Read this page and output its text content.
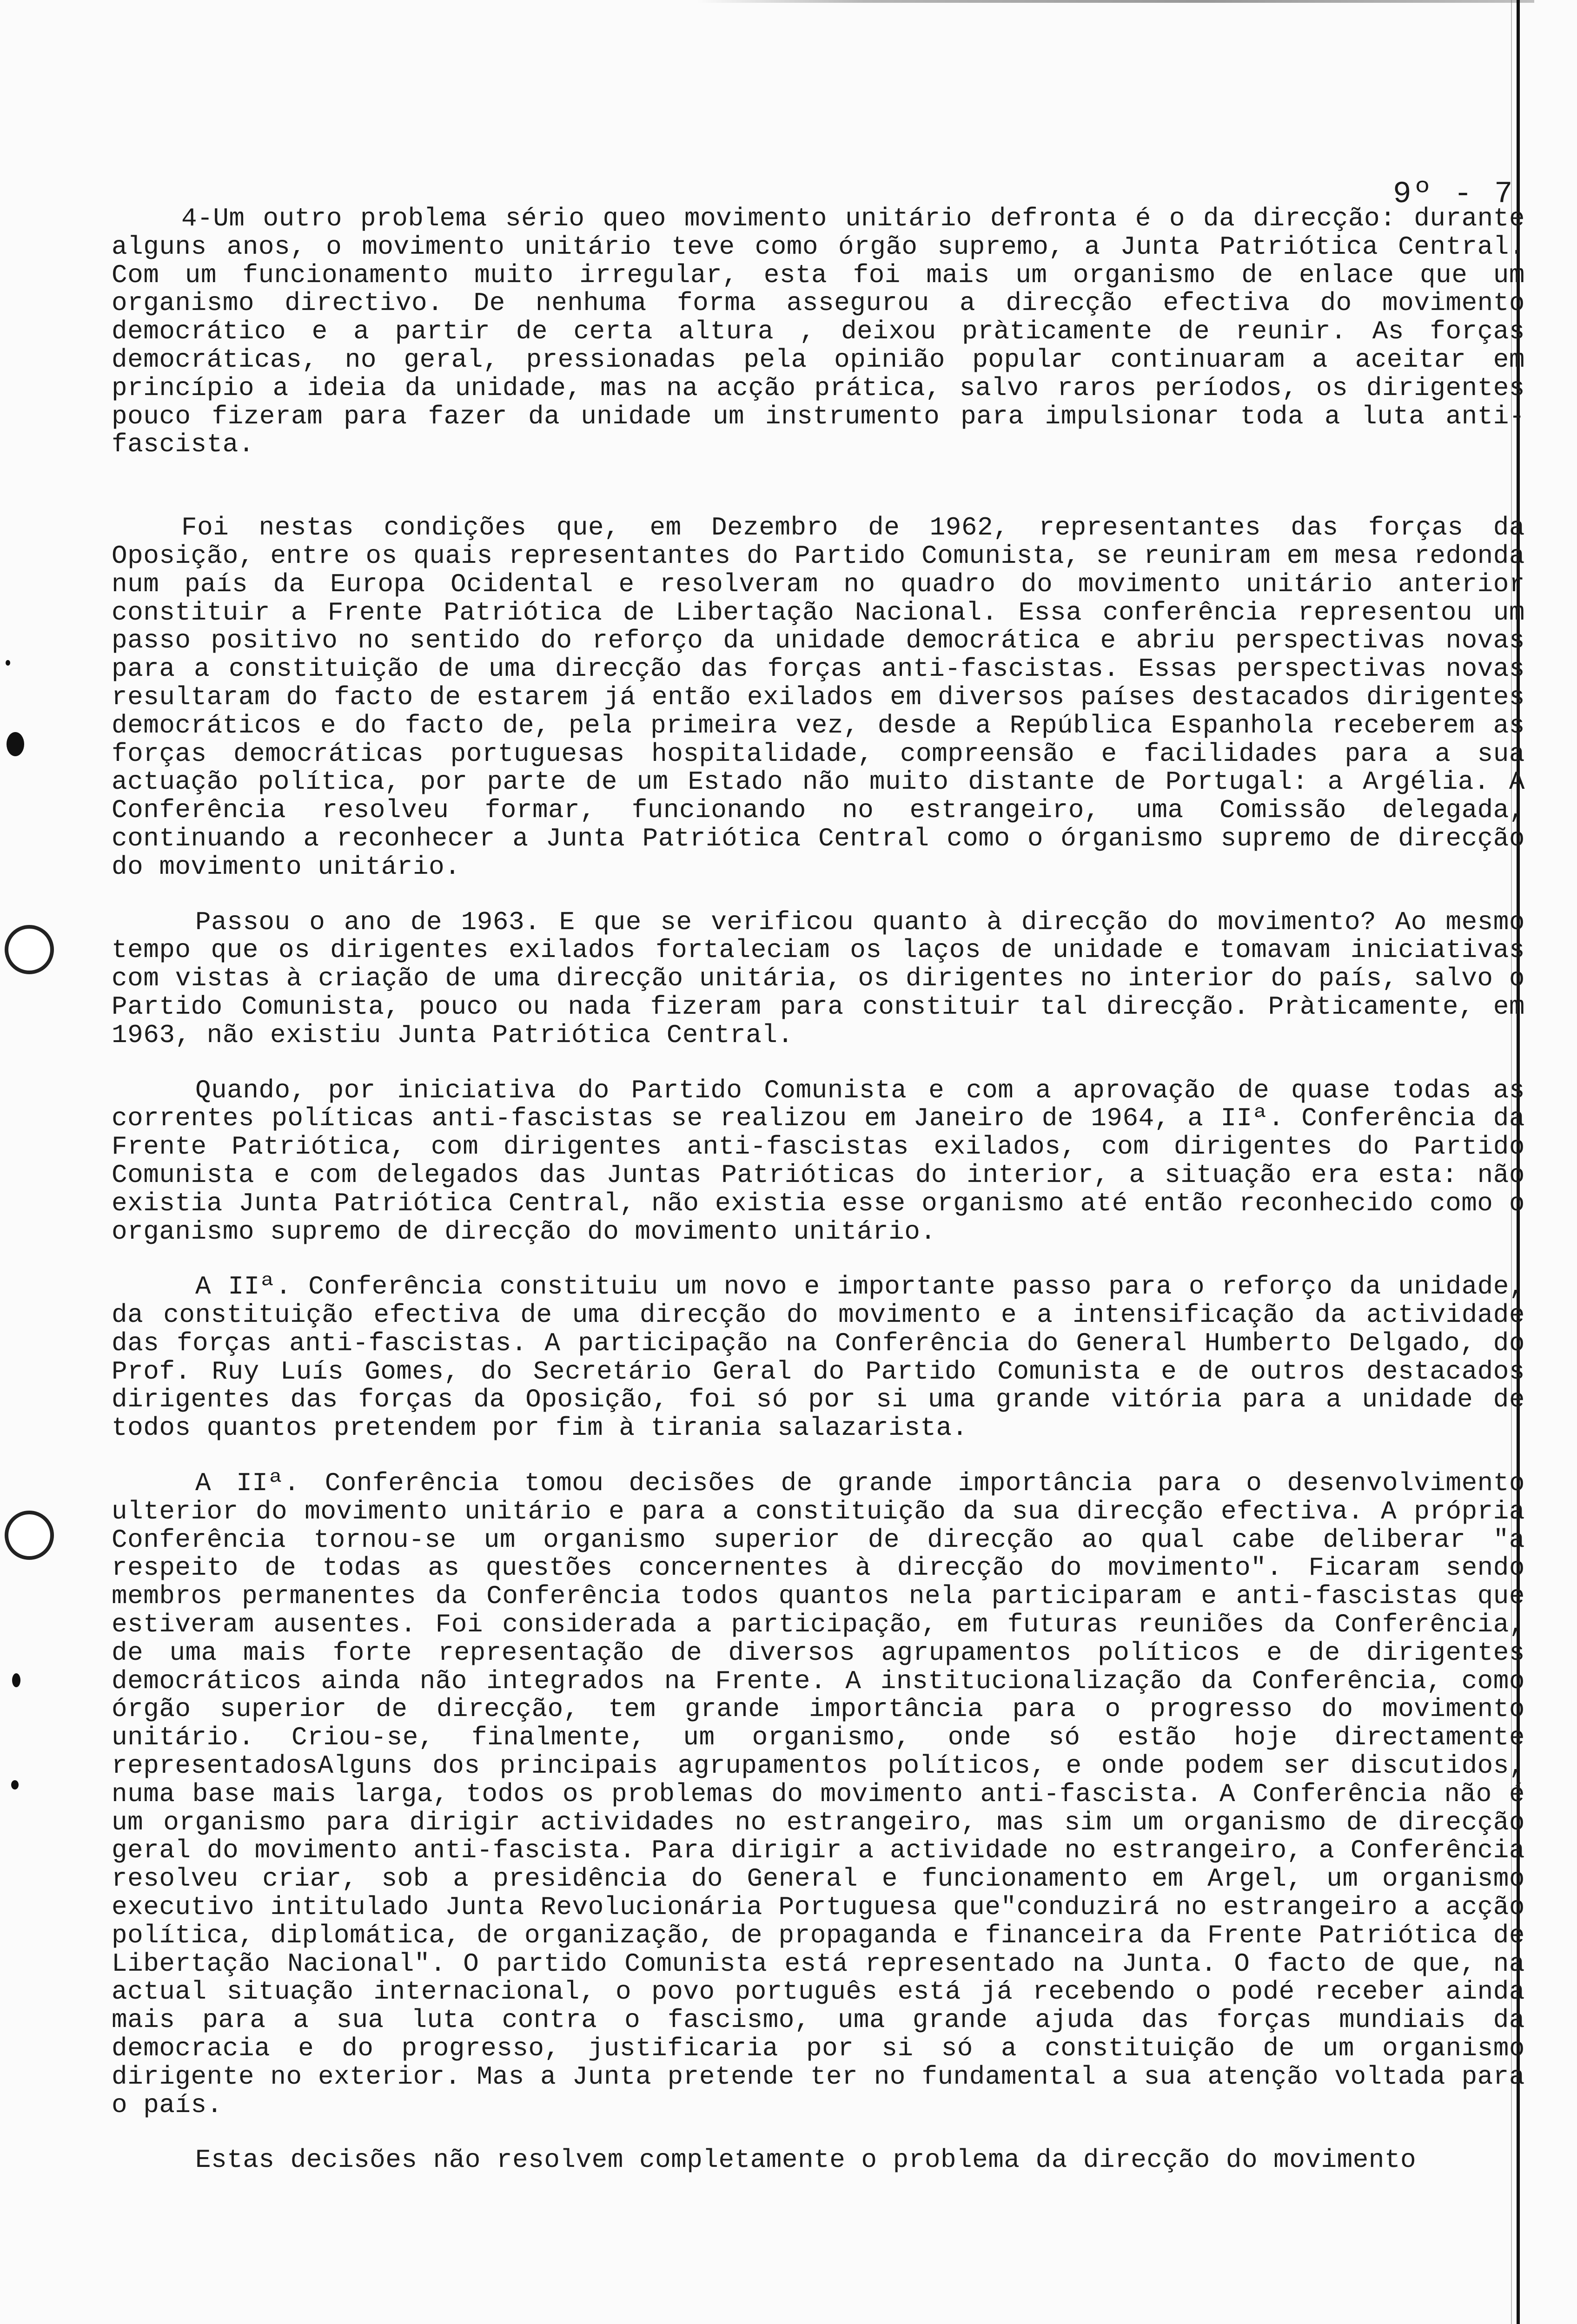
9º - 7

4-Um outro problema sério queo movimento unitário defronta é o da direcção: durante alguns anos, o movimento unitário teve como órgão supremo, a Junta Patriótica Central. Com um funcionamento muito irregular, esta foi mais um organismo de enlace que um organismo directivo. De nenhuma forma assegurou a direcção efectiva do movimento democrático e a partir de certa altura , deixou pràticamente de reunir. As forças democráticas, no geral, pressionadas pela opinião popular continuaram a aceitar em princípio a ideia da unidade, mas na acção prática, salvo raros períodos, os dirigentes pouco fizeram para fazer da unidade um instrumento para impulsionar toda a luta anti-fascista.

Foi nestas condições que, em Dezembro de 1962, representantes das forças da Oposição, entre os quais representantes do Partido Comunista, se reuniram em mesa redonda num país da Europa Ocidental e resolveram no quadro do movimento unitário anterior constituir a Frente Patriótica de Libertação Nacional. Essa conferência representou um passo positivo no sentido do reforço da unidade democrática e abriu perspectivas novas para a constituição de uma direcção das forças anti-fascistas. Essas perspectivas novas resultaram do facto de estarem já então exilados em diversos países destacados dirigentes democráticos e do facto de, pela primeira vez, desde a República Espanhola receberem as forças democráticas portuguesas hospitalidade, compreensão e facilidades para a sua actuação política, por parte de um Estado não muito distante de Portugal: a Argélia. A Conferência resolveu formar, funcionando no estrangeiro, uma Comissão delegada, continuando a reconhecer a Junta Patriótica Central como o órganismo supremo de direcção do movimento unitário.

Passou o ano de 1963. E que se verificou quanto à direcção do movimento? Ao mesmo tempo que os dirigentes exilados fortaleciam os laços de unidade e tomavam iniciativas com vistas à criação de uma direcção unitária, os dirigentes no interior do país, salvo o Partido Comunista, pouco ou nada fizeram para constituir tal direcção. Pràticamente, em 1963, não existiu Junta Patriótica Central.

Quando, por iniciativa do Partido Comunista e com a aprovação de quase todas as correntes políticas anti-fascistas se realizou em Janeiro de 1964, a IIª. Conferência da Frente Patriótica, com dirigentes anti-fascistas exilados, com dirigentes do Partido Comunista e com delegados das Juntas Patrióticas do interior, a situação era esta: não existia Junta Patriótica Central, não existia esse organismo até então reconhecido como o organismo supremo de direcção do movimento unitário.

A IIª. Conferência constituiu um novo e importante passo para o reforço da unidade, da constituição efectiva de uma direcção do movimento e a intensificação da actividade das forças anti-fascistas. A participação na Conferência do General Humberto Delgado, do Prof. Ruy Luís Gomes, do Secretário Geral do Partido Comunista e de outros destacados dirigentes das forças da Oposição, foi só por si uma grande vitória para a unidade de todos quantos pretendem por fim à tirania salazarista.

A IIª. Conferência tomou decisões de grande importância para o desenvolvimento ulterior do movimento unitário e para a constituição da sua direcção efectiva. A própria Conferência tornou-se um organismo superior de direcção ao qual cabe deliberar "a respeito de todas as questões concernentes à direcção do movimento". Ficaram sendo membros permanentes da Conferência todos quantos nela participaram e anti-fascistas que estiveram ausentes. Foi considerada a participação, em futuras reuniões da Conferência, de uma mais forte representação de diversos agrupamentos políticos e de dirigentes democráticos ainda não integrados na Frente. A institucionalização da Conferência, como órgão superior de direcção, tem grande importância para o progresso do movimento unitário. Criou-se, finalmente, um organismo, onde só estão hoje directamente representadosAlguns dos principais agrupamentos políticos, e onde podem ser discutidos, numa base mais larga, todos os problemas do movimento anti-fascista. A Conferência não é um organismo para dirigir actividades no estrangeiro, mas sim um organismo de direcção geral do movimento anti-fascista. Para dirigir a actividade no estrangeiro, a Conferência resolveu criar, sob a presidência do General e funcionamento em Argel, um organismo executivo intitulado Junta Revolucionária Portuguesa que"conduzirá no estrangeiro a acção política, diplomática, de organização, de propaganda e financeira da Frente Patriótica de Libertação Nacional". O partido Comunista está representado na Junta. O facto de que, na actual situação internacional, o povo português está já recebendo o podé receber ainda mais para a sua luta contra o fascismo, uma grande ajuda das forças mundiais da democracia e do progresso, justificaria por si só a constituição de um organismo dirigente no exterior. Mas a Junta pretende ter no fundamental a sua atenção voltada para o país.

Estas decisões não resolvem completamente o problema da direcção do movimento
